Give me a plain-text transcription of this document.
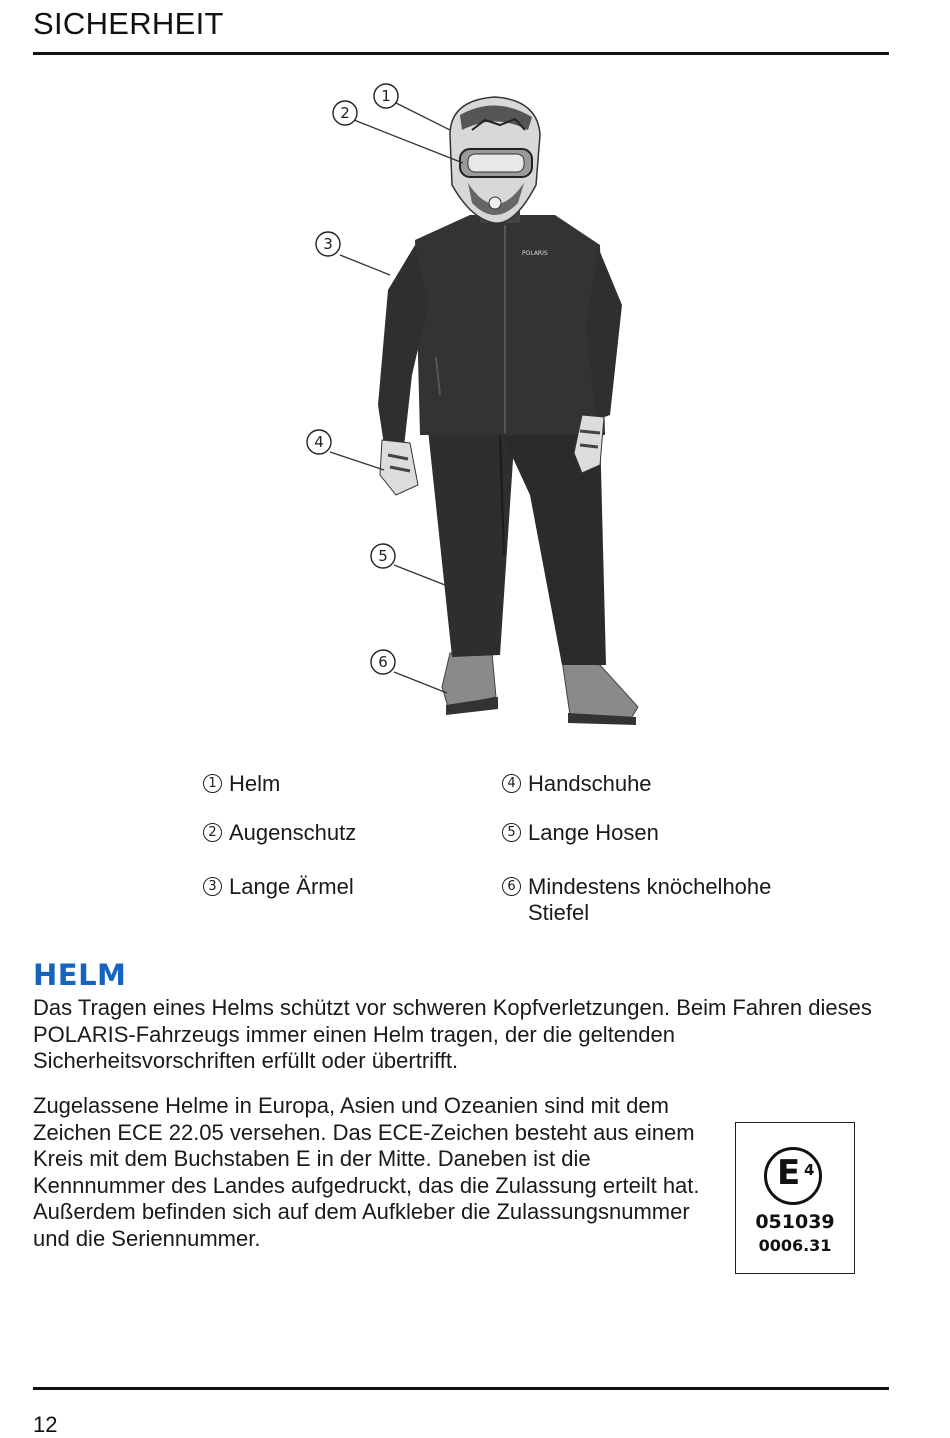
SICHERHEIT
POLARIS
1
2
3
4
5
6
1 Helm
2 Augenschutz
3 Lange Ärmel
4 Handschuhe
5 Lange Hosen
6 Mindestens knöchelhohe Stiefel
HELM
Das Tragen eines Helms schützt vor schweren Kopfverletzungen. Beim Fahren dieses POLARIS-Fahrzeugs immer einen Helm tragen, der die geltenden Sicherheitsvorschriften erfüllt oder übertrifft.
Zugelassene Helme in Europa, Asien und Ozeanien sind mit dem Zeichen ECE 22.05 versehen. Das ECE-Zeichen besteht aus einem Kreis mit dem Buchstaben E in der Mitte. Daneben ist die Kennnummer des Landes aufgedruckt, das die Zulassung erteilt hat. Außerdem befinden sich auf dem Aufkleber die Zulassungsnummer und die Seriennummer.
E 4
051039
0006.31
12
